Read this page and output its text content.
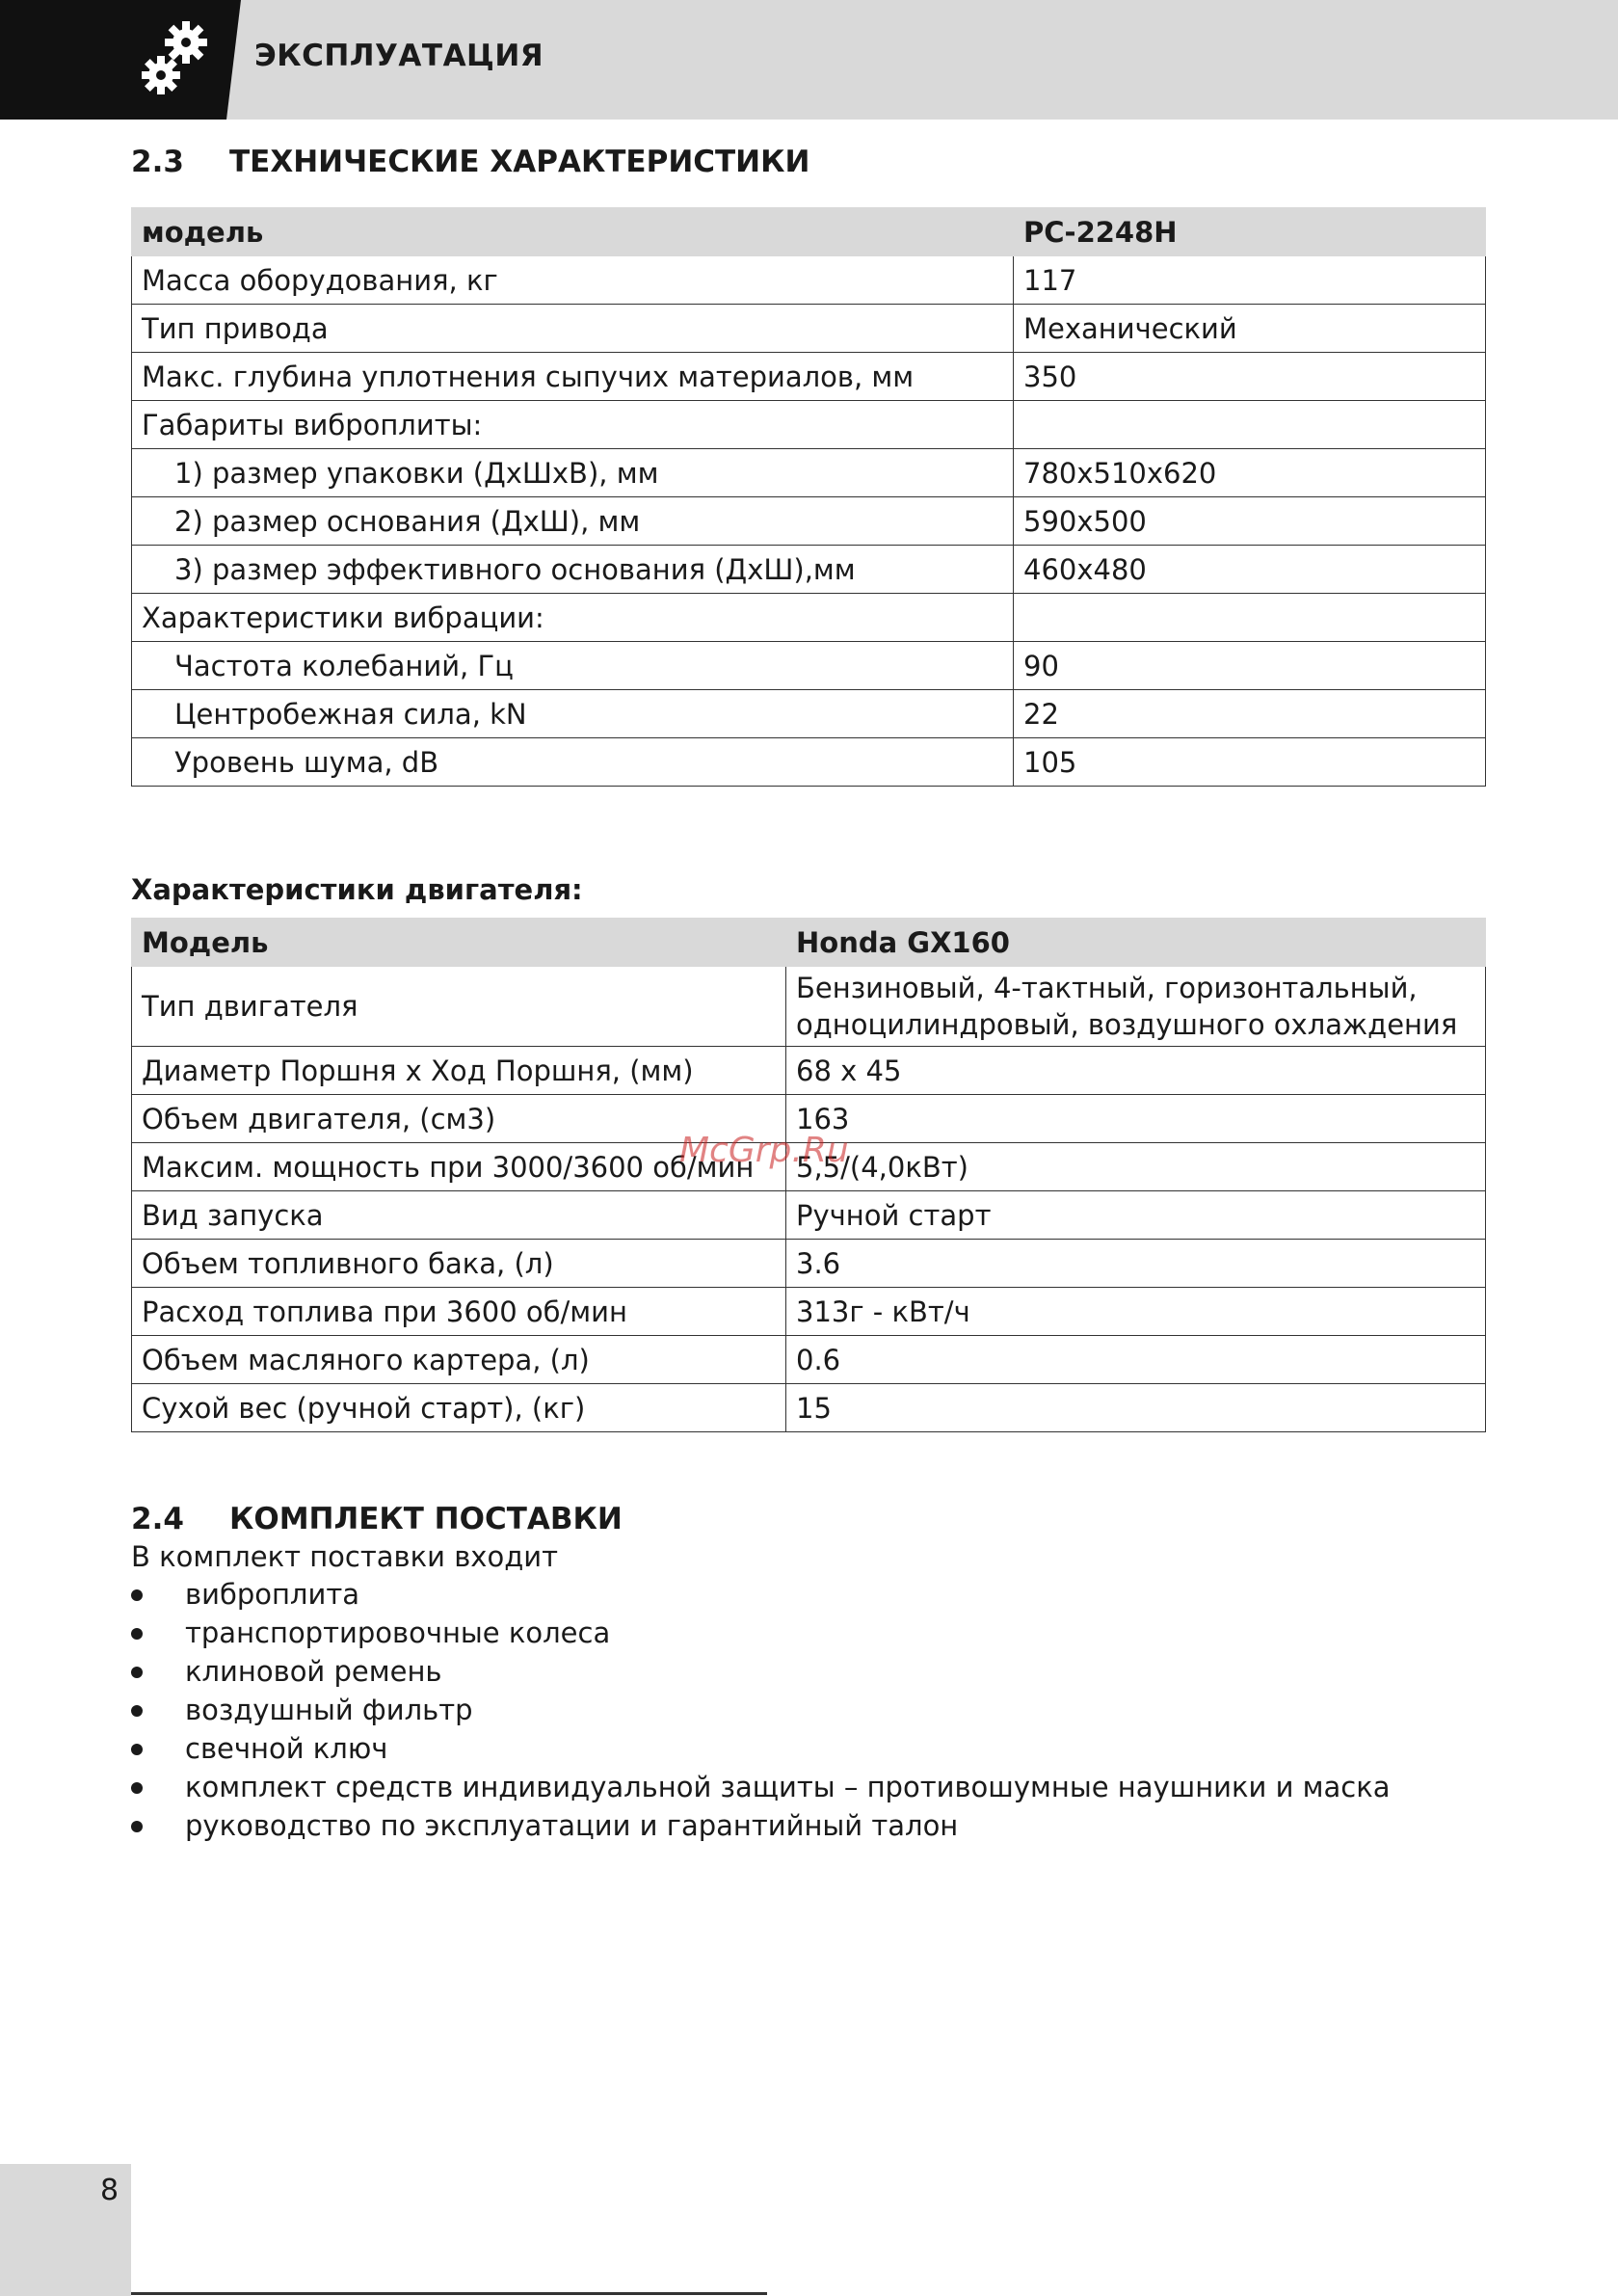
ЭКСПЛУАТАЦИЯ
2.3 ТЕХНИЧЕСКИЕ ХАРАКТЕРИСТИКИ
модель	РС-2248Н
Масса оборудования, кг	117
Тип привода	Механический
Макс. глубина уплотнения сыпучих материалов, мм	350
Габариты виброплиты:	
1) размер упаковки (ДхШхВ), мм	780x510x620
2) размер основания (ДхШ), мм	590x500
3) размер эффективного основания (ДхШ),мм	460x480
Характеристики вибрации:	
Частота колебаний, Гц	90
Центробежная сила, kN	22
Уровень шума, dB	105
Характеристики двигателя:
Модель	Honda GX160
Тип двигателя	Бензиновый, 4-тактный, горизонтальный, одноцилиндровый, воздушного охлаждения
Диаметр Поршня х Ход Поршня, (мм)	68 x 45
Объем двигателя, (см3)	163
Максим. мощность при 3000/3600 об/мин	5,5/(4,0кВт)
Вид запуска	Ручной старт
Объем топливного бака, (л)	3.6
Расход топлива при 3600 об/мин	313г - кВт/ч
Объем масляного картера, (л)	0.6
Сухой вес (ручной старт), (кг)	15
2.4 КОМПЛЕКТ ПОСТАВКИ
В комплект поставки входит
виброплита
транспортировочные колеса
клиновой ремень
воздушный фильтр
свечной ключ
комплект средств индивидуальной защиты – противошумные наушники и маска
руководство по эксплуатации и гарантийный талон
McGrp.Ru
8
